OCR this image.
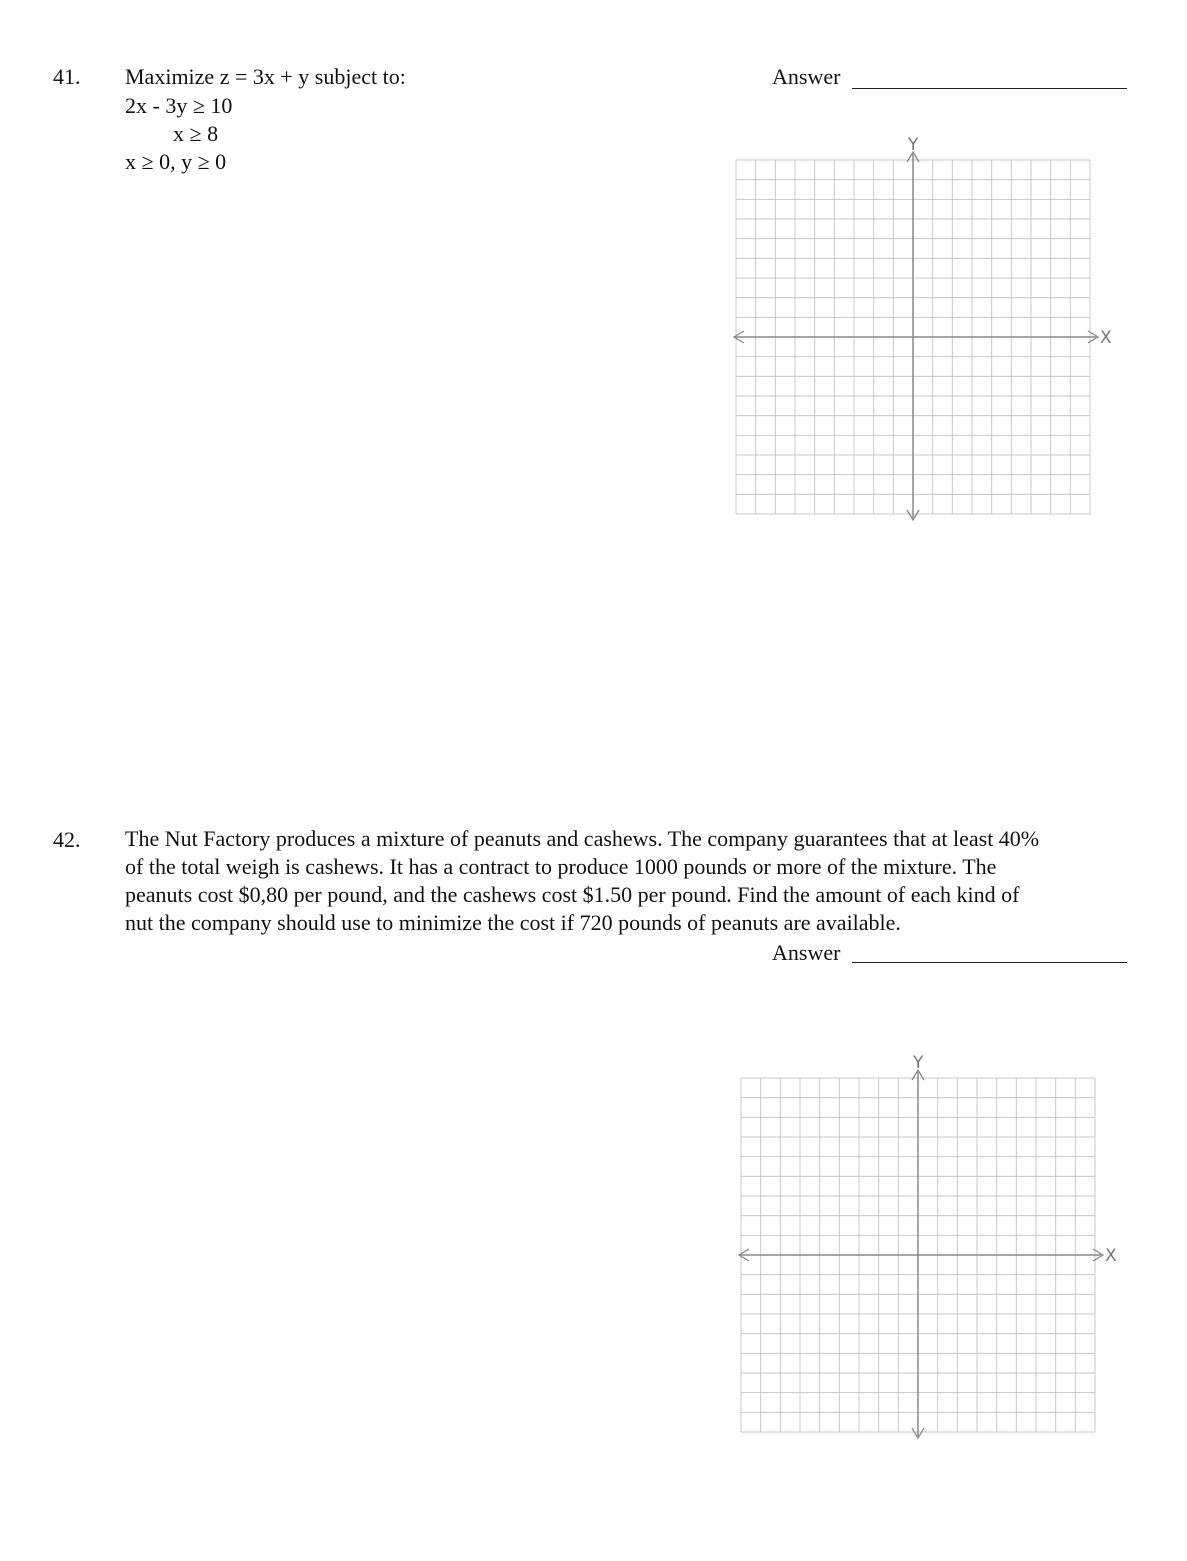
41. Maximize z = 3x + y subject to:
2x - 3y ≥ 10
x ≥ 8
x ≥ 0, y ≥ 0
Answer
X
Y
42. The Nut Factory produces a mixture of peanuts and cashews. The company guarantees that at least 40%
of the total weigh is cashews. It has a contract to produce 1000 pounds or more of the mixture. The
peanuts cost $0,80 per pound, and the cashews cost $1.50 per pound. Find the amount of each kind of
nut the company should use to minimize the cost if 720 pounds of peanuts are available.
Answer
X
Y
